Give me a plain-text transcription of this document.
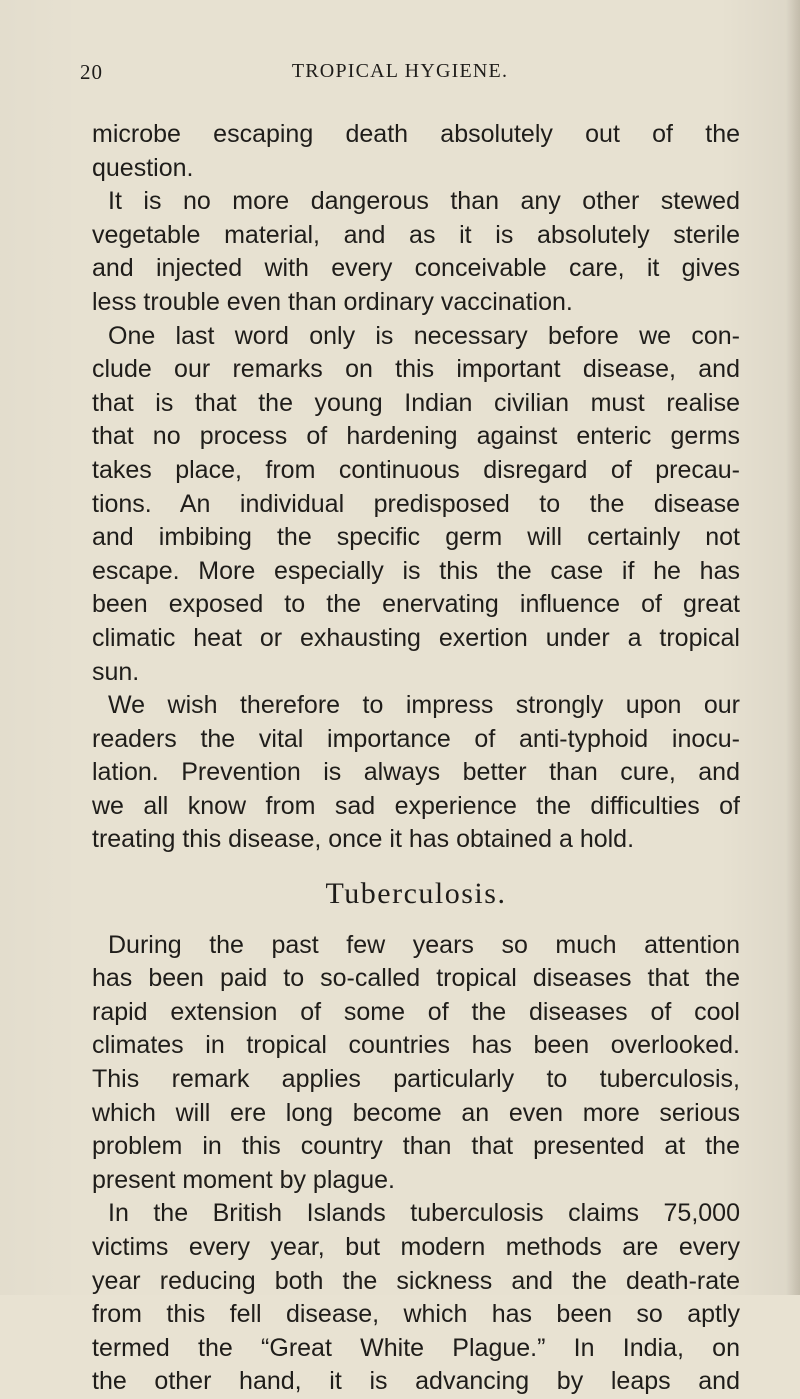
20	TROPICAL HYGIENE.
microbe escaping death absolutely out of the
question.
It is no more dangerous than any other stewed
vegetable material, and as it is absolutely sterile
and injected with every conceivable care, it gives
less trouble even than ordinary vaccination.
One last word only is necessary before we con-
clude our remarks on this important disease, and
that is that the young Indian civilian must realise
that no process of hardening against enteric germs
takes place, from continuous disregard of precau-
tions. An individual predisposed to the disease
and imbibing the specific germ will certainly not
escape. More especially is this the case if he has
been exposed to the enervating influence of great
climatic heat or exhausting exertion under a tropical
sun.
We wish therefore to impress strongly upon our
readers the vital importance of anti-typhoid inocu-
lation. Prevention is always better than cure, and
we all know from sad experience the difficulties of
treating this disease, once it has obtained a hold.
Tuberculosis.
During the past few years so much attention
has been paid to so-called tropical diseases that the
rapid extension of some of the diseases of cool
climates in tropical countries has been overlooked.
This remark applies particularly to tuberculosis,
which will ere long become an even more serious
problem in this country than that presented at the
present moment by plague.
In the British Islands tuberculosis claims 75,000
victims every year, but modern methods are every
year reducing both the sickness and the death-rate
from this fell disease, which has been so aptly
termed the “Great White Plague.” In India, on
the other hand, it is advancing by leaps and
